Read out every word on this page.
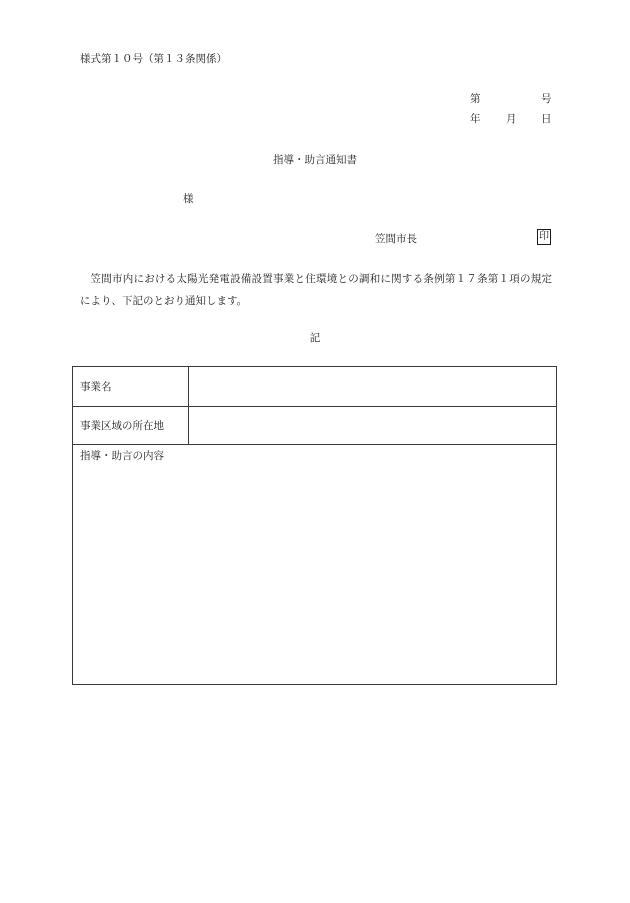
様式第１０号（第１３条関係）
第	号
年 月 日
指導・助言通知書
様
笠間市長	印
笠間市内における太陽光発電設備設置事業と住環境との調和に関する条例第１７条第１項の規定により、下記のとおり通知します。
記
事業名
事業区域の所在地
指導・助言の内容
